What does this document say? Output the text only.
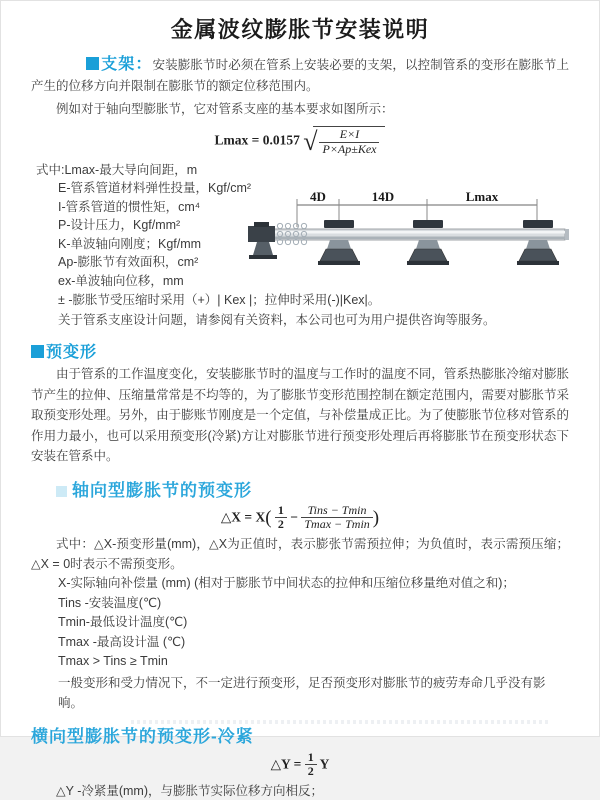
金属波纹膨胀节安装说明

支架：安装膨胀节时必须在管系上安装必要的支架，以控制管系的变形在膨胀节上产生的位移方向并限制在膨胀节的额定位移范围内。

例如对于轴向型膨胀节，它对管系支座的基本要求如图所示：

Lmax = 0.0157 √ $\frac{E\times I}{\text{P×Ap±Kex}}$
式中:Lmax-最大导向间距，m
E-管系管道材料弹性投量，Kgf/cm²
I-管系管道的惯性矩，cm⁴
P-设计压力，Kgf/mm²
K-单波轴向刚度；Kgf/mm
Ap-膨胀节有效面积，cm²
ex-单波轴向位移，mm
± -膨胀节受压缩时采用（+）| Kex |；拉伸时采用(-)|Kex|。
关于管系支座设计问题，请参阅有关资料，本公司也可为用户提供咨询等服务。
4D	14D	Lmax
预变形

由于管系的工作温度变化，安装膨胀节时的温度与工作时的温度不同，管系热膨胀冷缩对膨胀节产生的拉伸、压缩量常常是不均等的，为了膨胀节变形范围控制在额定范围内，需要对膨胀节采取预变形处理。另外，由于膨账节刚度是一个定值，与补偿量成正比。为了使膨胀节位移对管系的作用力最小，也可以采用预变形(冷紧)方让对膨胀节进行预变形处理后再将膨胀节在预变形状态下安装在管系中。

轴向型膨胀节的预变形
△X = $X( \frac{1}{2} - \frac{\text{Tins − Tmin}}{Tmax - Tmin}$ )

式中：△X-预变形量(mm)，△X为正值时，表示膨张节需预拉伸；为负值时，表示需预压缩；△X = 0时表示不需预变形。

X-实际轴向补偿量 (mm) (相对于膨胀节中间状态的拉伸和压缩位移量绝对值之和)；
Tins -安装温度(℃)
Tmin-最低设计温度(℃)
Tmax -最高设计温 (℃)
Tmax > Tins ≥ Tmin
一般变形和受力情况下，不一定进行预变形，足否预变形对膨胀节的疲劳寿命几乎没有影响。
横向型膨胀节的预变形-冷紧
△Y = $\frac{1}{2}$ Y
△Y -冷紧量(mm)，与膨胀节实际位移方向相反；
